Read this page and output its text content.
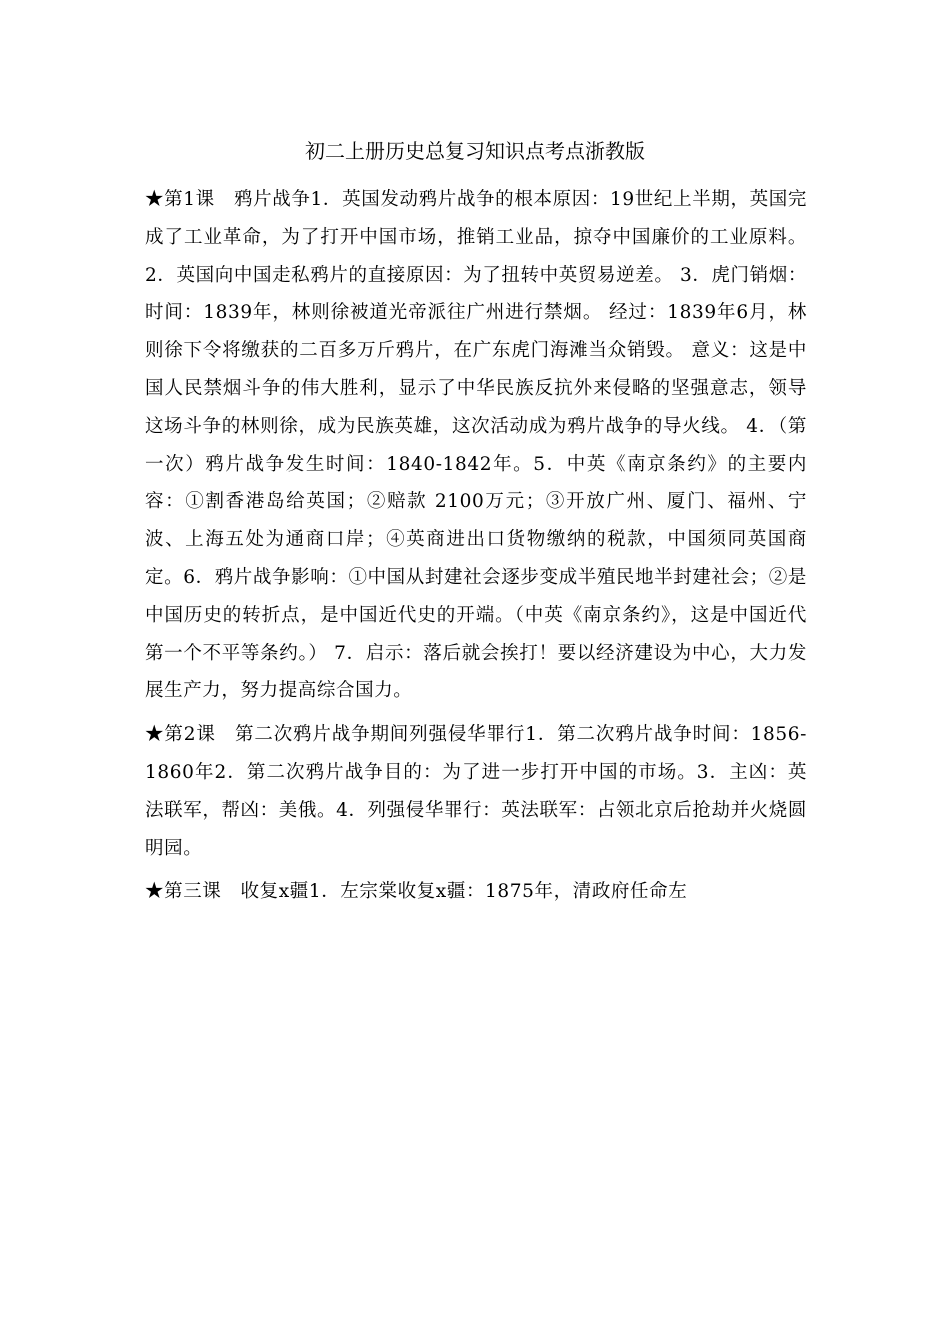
初二上册历史总复习知识点考点浙教版

★第1课　鸦片战争1．英国发动鸦片战争的根本原因：19世纪上半期，英国完成了工业革命，为了打开中国市场，推销工业品，掠夺中国廉价的工业原料。2．英国向中国走私鸦片的直接原因：为了扭转中英贸易逆差。 3．虎门销烟：时间：1839年，林则徐被道光帝派往广州进行禁烟。 经过：1839年6月，林则徐下令将缴获的二百多万斤鸦片，在广东虎门海滩当众销毁。 意义：这是中国人民禁烟斗争的伟大胜利，显示了中华民族反抗外来侵略的坚强意志，领导这场斗争的林则徐，成为民族英雄，这次活动成为鸦片战争的导火线。 4．（第一次）鸦片战争发生时间：1840-1842年。5．中英《南京条约》的主要内容：①割香港岛给英国；②赔款 2100万元；③开放广州、厦门、福州、宁波、上海五处为通商口岸；④英商进出口货物缴纳的税款，中国须同英国商定。6．鸦片战争影响：①中国从封建社会逐步变成半殖民地半封建社会；②是中国历史的转折点，是中国近代史的开端。（中英《南京条约》，这是中国近代第一个不平等条约。） 7．启示：落后就会挨打！要以经济建设为中心，大力发展生产力，努力提高综合国力。

★第2课　第二次鸦片战争期间列强侵华罪行1．第二次鸦片战争时间：1856-1860年2．第二次鸦片战争目的：为了进一步打开中国的市场。3．主凶：英法联军，帮凶：美俄。4．列强侵华罪行：英法联军：占领北京后抢劫并火烧圆明园。

★第三课　收复x疆1．左宗棠收复x疆：1875年，清政府任命左
